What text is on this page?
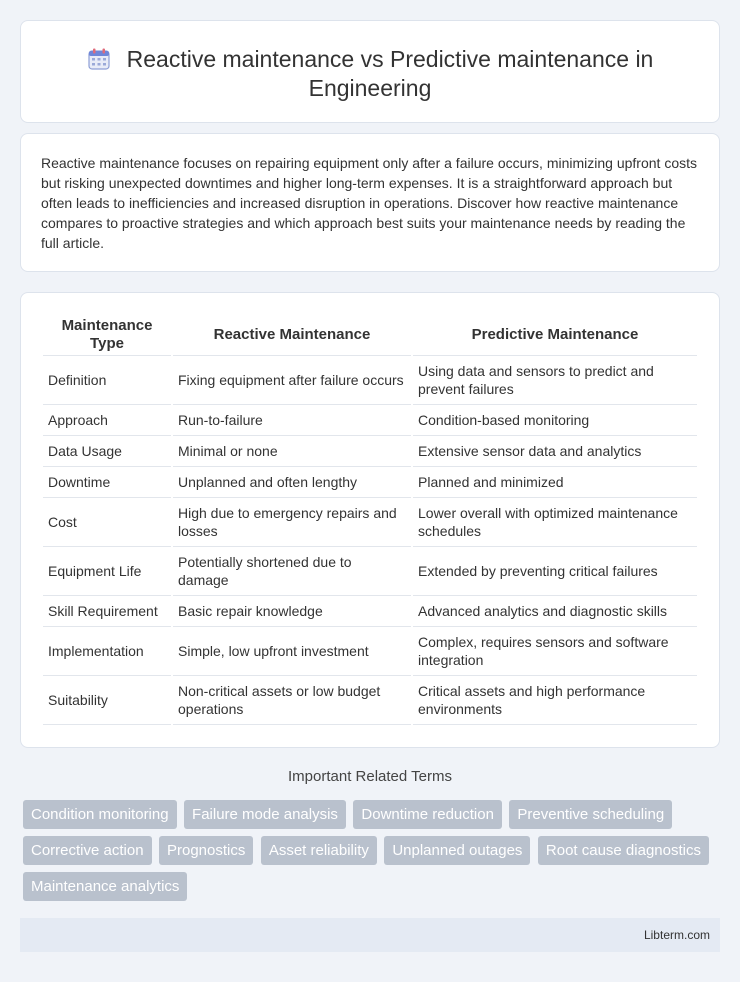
Reactive maintenance vs Predictive maintenance in Engineering

Reactive maintenance focuses on repairing equipment only after a failure occurs, minimizing upfront costs but risking unexpected downtimes and higher long-term expenses. It is a straightforward approach but often leads to inefficiencies and increased disruption in operations. Discover how reactive maintenance compares to proactive strategies and which approach best suits your maintenance needs by reading the full article.

Maintenance Type	Reactive Maintenance	Predictive Maintenance
Definition	Fixing equipment after failure occurs	Using data and sensors to predict and prevent failures
Approach	Run-to-failure	Condition-based monitoring
Data Usage	Minimal or none	Extensive sensor data and analytics
Downtime	Unplanned and often lengthy	Planned and minimized
Cost	High due to emergency repairs and losses	Lower overall with optimized maintenance schedules
Equipment Life	Potentially shortened due to damage	Extended by preventing critical failures
Skill Requirement	Basic repair knowledge	Advanced analytics and diagnostic skills
Implementation	Simple, low upfront investment	Complex, requires sensors and software integration
Suitability	Non-critical assets or low budget operations	Critical assets and high performance environments
Important Related Terms
Condition monitoring Failure mode analysis Downtime reduction Preventive scheduling Corrective action Prognostics Asset reliability Unplanned outages Root cause diagnostics Maintenance analytics
Libterm.com
